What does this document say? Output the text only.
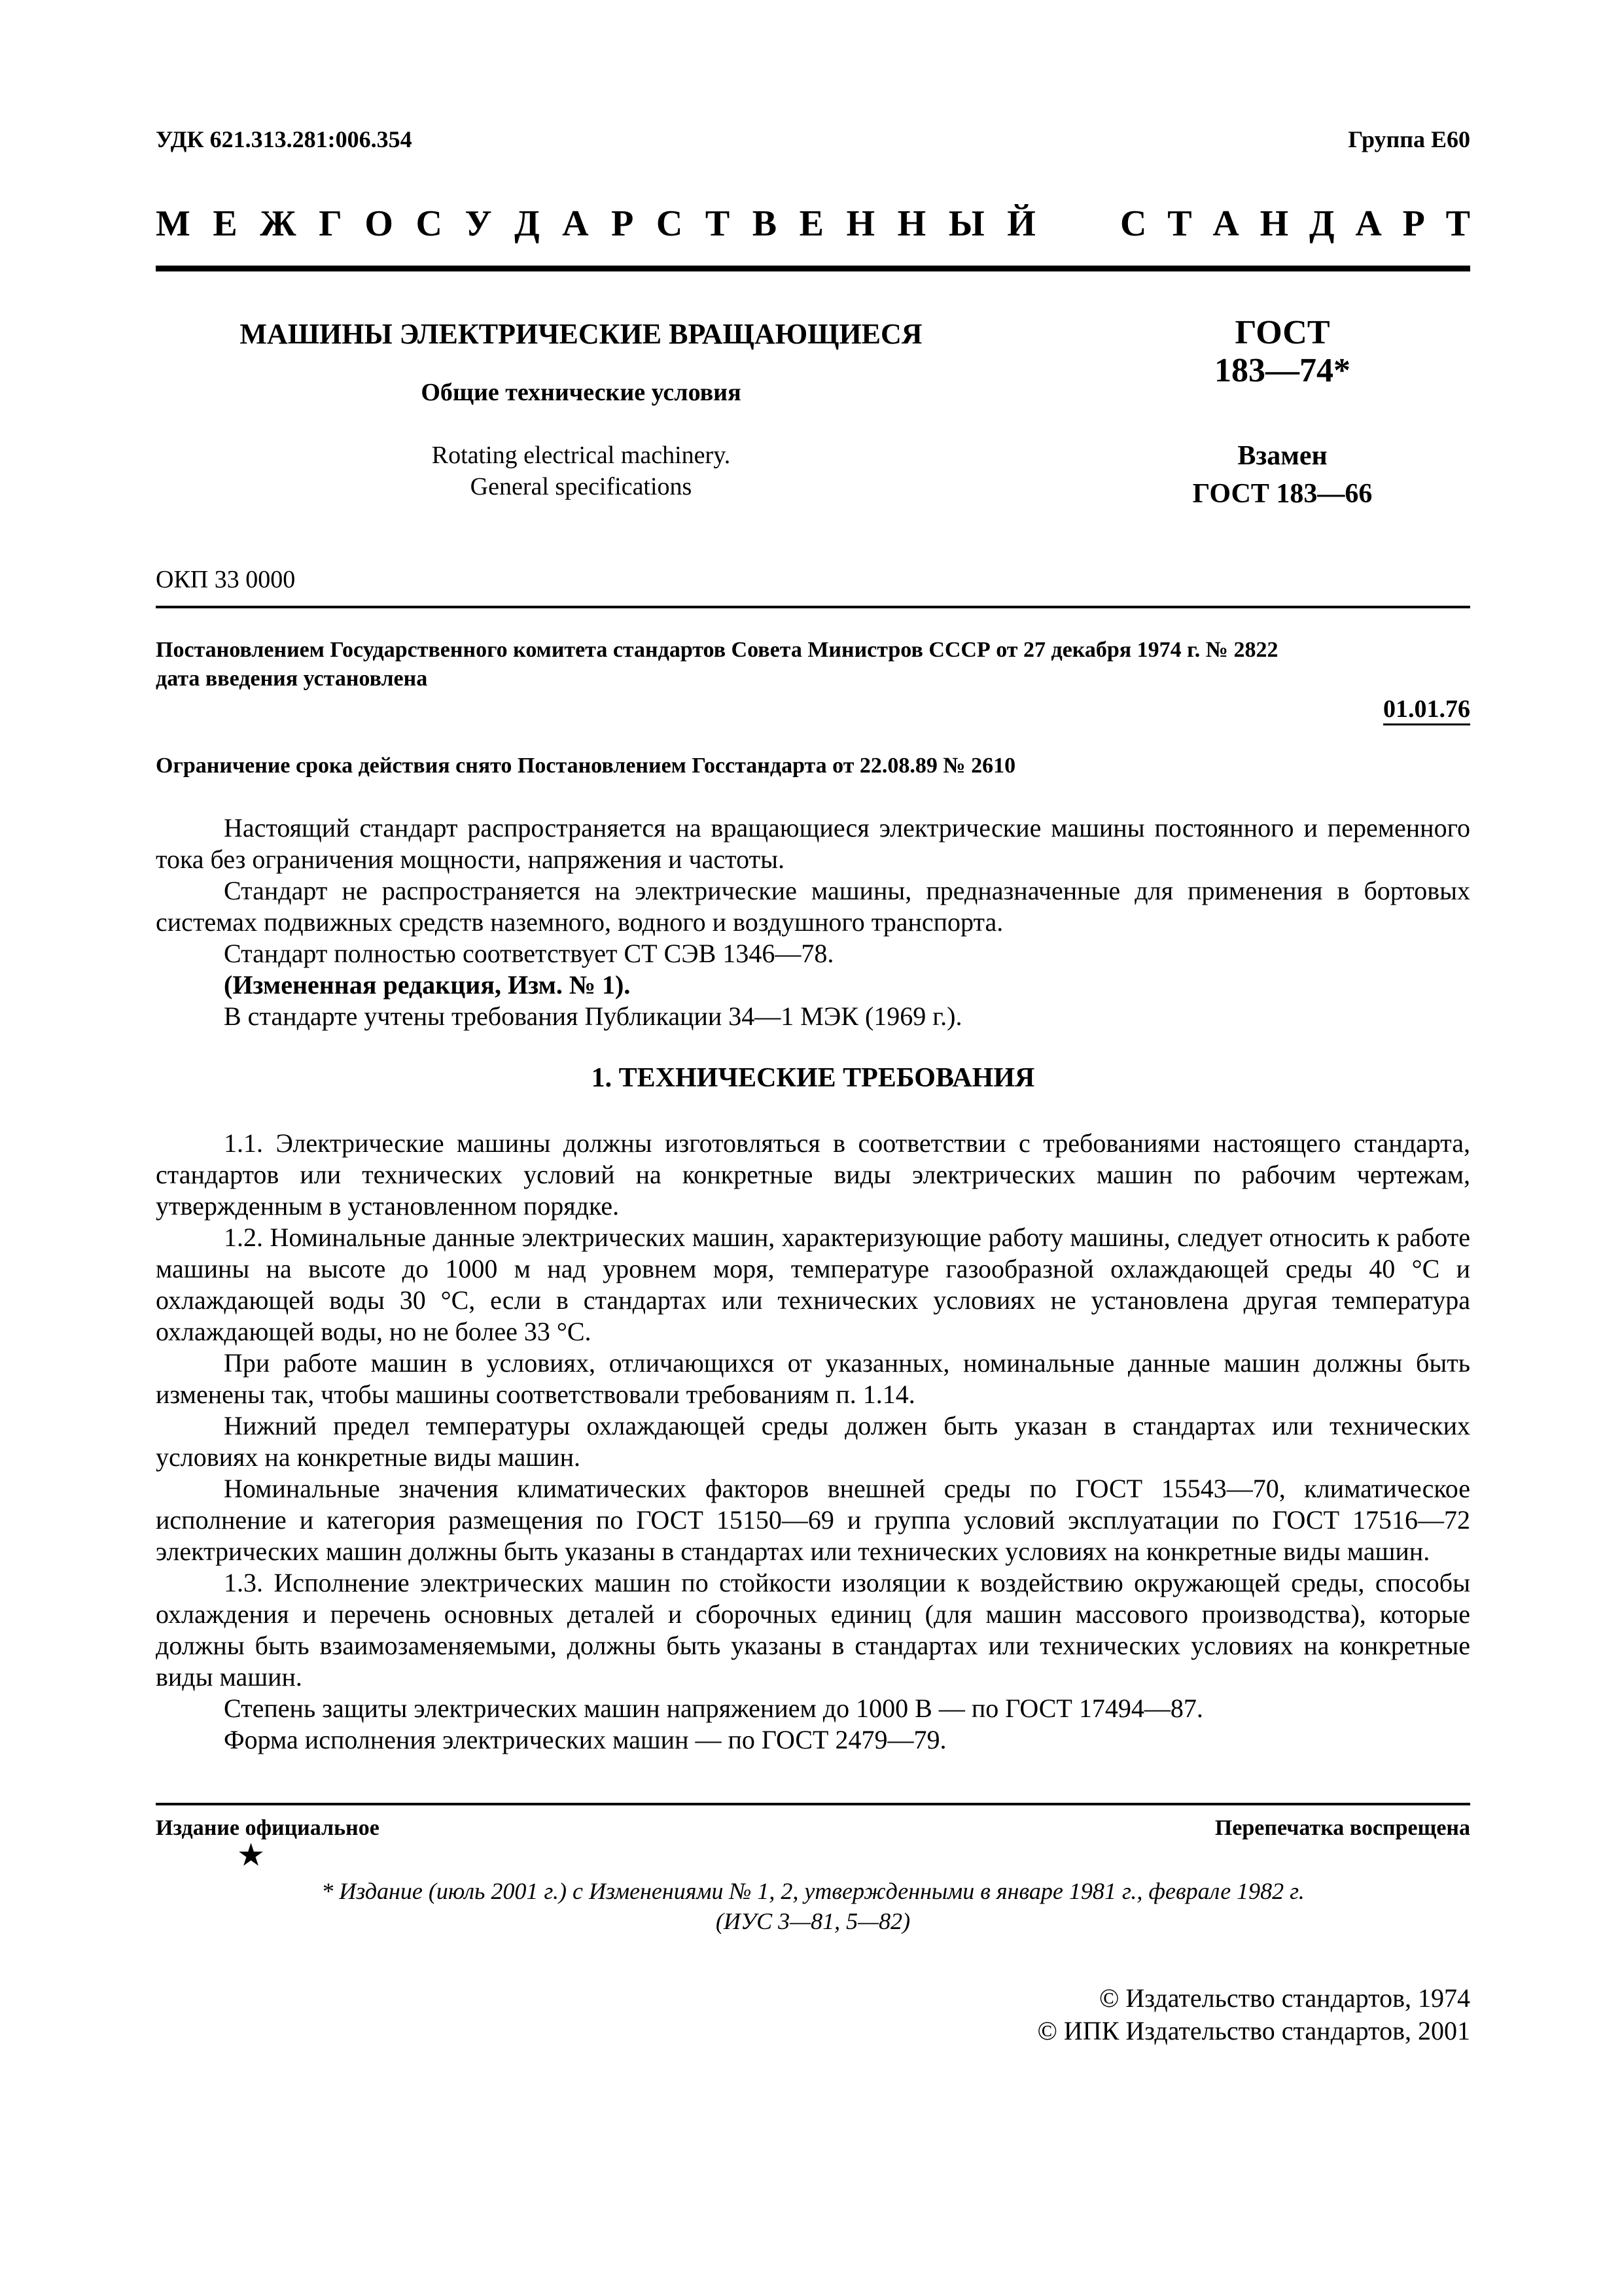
УДК 621.313.281:006.354	Группа Е60
М Е Ж Г О С У Д А Р С Т В Е Н Н Ы Й С Т А Н Д А Р Т
МАШИНЫ ЭЛЕКТРИЧЕСКИЕ ВРАЩАЮЩИЕСЯ
Общие технические условия
Rotating electrical machinery.
General specifications
ГОСТ
183—74*
Взамен
ГОСТ 183—66
ОКП 33 0000
Постановлением Государственного комитета стандартов Совета Министров СССР от 27 декабря 1974 г. № 2822
дата введения установлена
01.01.76
Ограничение срока действия снято Постановлением Госстандарта от 22.08.89 № 2610

Настоящий стандарт распространяется на вращающиеся электрические машины постоянного и переменного тока без ограничения мощности, напряжения и частоты.

Стандарт не распространяется на электрические машины, предназначенные для применения в бортовых системах подвижных средств наземного, водного и воздушного транспорта.

Стандарт полностью соответствует СТ СЭВ 1346—78.

(Измененная редакция, Изм. № 1).

В стандарте учтены требования Публикации 34—1 МЭК (1969 г.).

1. ТЕХНИЧЕСКИЕ ТРЕБОВАНИЯ

1.1. Электрические машины должны изготовляться в соответствии с требованиями настоящего стандарта, стандартов или технических условий на конкретные виды электрических машин по рабочим чертежам, утвержденным в установленном порядке.

1.2. Номинальные данные электрических машин, характеризующие работу машины, следует относить к работе машины на высоте до 1000 м над уровнем моря, температуре газообразной охлаждающей среды 40 °С и охлаждающей воды 30 °С, если в стандартах или технических условиях не установлена другая температура охлаждающей воды, но не более 33 °С.

При работе машин в условиях, отличающихся от указанных, номинальные данные машин должны быть изменены так, чтобы машины соответствовали требованиям п. 1.14.

Нижний предел температуры охлаждающей среды должен быть указан в стандартах или технических условиях на конкретные виды машин.

Номинальные значения климатических факторов внешней среды по ГОСТ 15543—70, климатическое исполнение и категория размещения по ГОСТ 15150—69 и группа условий эксплуатации по ГОСТ 17516—72 электрических машин должны быть указаны в стандартах или технических условиях на конкретные виды машин.

1.3. Исполнение электрических машин по стойкости изоляции к воздействию окружающей среды, способы охлаждения и перечень основных деталей и сборочных единиц (для машин массового производства), которые должны быть взаимозаменяемыми, должны быть указаны в стандартах или технических условиях на конкретные виды машин.

Степень защиты электрических машин напряжением до 1000 В — по ГОСТ 17494—87.

Форма исполнения электрических машин — по ГОСТ 2479—79.

Издание официальное	Перепечатка воспрещена
★
* Издание (июль 2001 г.) с Изменениями № 1, 2, утвержденными в январе 1981 г., феврале 1982 г.
(ИУС 3—81, 5—82)
© Издательство стандартов, 1974
© ИПК Издательство стандартов, 2001
